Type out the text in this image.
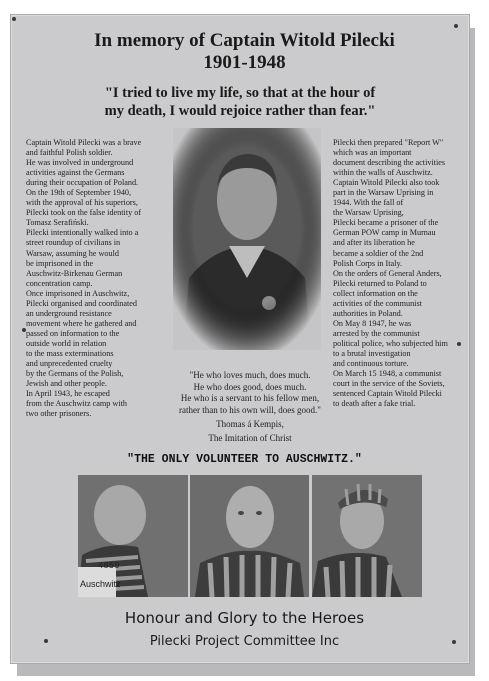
In memory of Captain Witold Pilecki
1901-1948
"I tried to live my life, so that at the hour of
my death, I would rejoice rather than fear."
Captain Witold Pilecki was a brave
and faithful Polish soldier.
He was involved in underground
activities against the Germans
during their occupation of Poland.
On the 19th of September 1940,
with the approval of his superiors,
Pilecki took on the false identity of
Tomasz Serafiński.
Pilecki intentionally walked into a
street roundup of civilians in
Warsaw, assuming he would
be imprisoned in the
Auschwitz-Birkenau German
concentration camp.
Once imprisoned in Auschwitz,
Pilecki organised and coordinated
an underground resistance
movement where he gathered and
passed on information to the
outside world in relation
to the mass exterminations
and unprecedented cruelty
by the Germans of the Polish,
Jewish and other people.
In April 1943, he escaped
from the Auschwitz camp with
two other prisoners.
Pilecki then prepared "Report W"
which was an important
document describing the activities
within the walls of Auschwitz.
Captain Witold Pilecki also took
part in the Warsaw Uprising in
1944. With the fall of
the Warsaw Uprising,
Pilecki became a prisoner of the
German POW camp in Murnau
and after its liberation he
became a soldier of the 2nd
Polish Corps in Italy.
On the orders of General Anders,
Pilecki returned to Poland to
collect information on the
activities of the communist
authorities in Poland.
On May 8 1947, he was
arrested by the communist
political police, who subjected him
to a brutal investigation
and continuous torture.
On March 15 1948, a communist
court in the service of the Soviets,
sentenced Captain Witold Pilecki
to death after a fake trial.
"He who loves much, does much.
He who does good, does much.
He who is a servant to his fellow men,
rather than to his own will, does good."
Thomas á Kempis,
The Imitation of Christ
"THE ONLY VOLUNTEER TO AUSCHWITZ."
4859
Auschwitz
Honour and Glory to the Heroes
Pilecki Project Committee Inc
